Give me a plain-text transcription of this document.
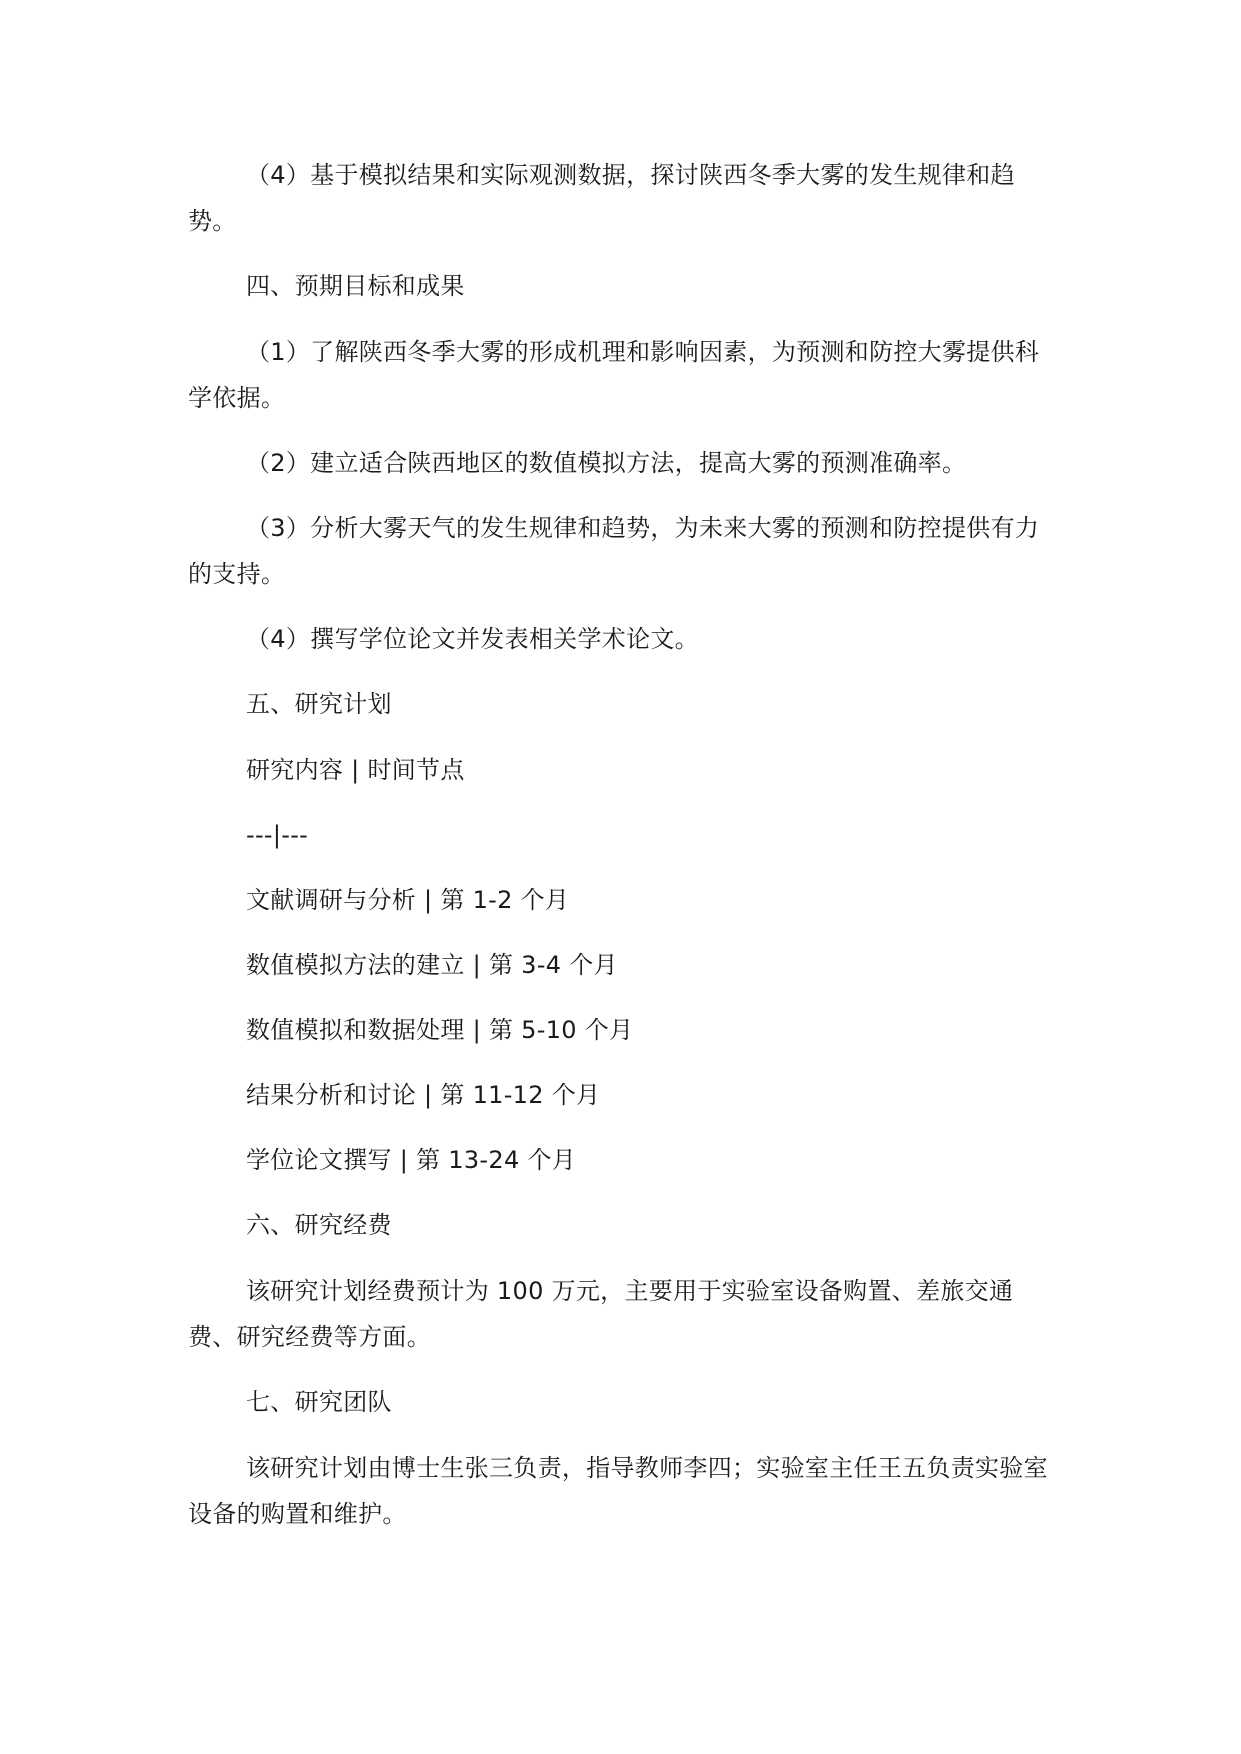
（4）基于模拟结果和实际观测数据，探讨陕西冬季大雾的发生规律和趋势。

四、预期目标和成果

（1）了解陕西冬季大雾的形成机理和影响因素，为预测和防控大雾提供科学依据。

（2）建立适合陕西地区的数值模拟方法，提高大雾的预测准确率。

（3）分析大雾天气的发生规律和趋势，为未来大雾的预测和防控提供有力的支持。

（4）撰写学位论文并发表相关学术论文。

五、研究计划

研究内容 | 时间节点

---|---

文献调研与分析 | 第 1-2 个月

数值模拟方法的建立 | 第 3-4 个月

数值模拟和数据处理 | 第 5-10 个月

结果分析和讨论 | 第 11-12 个月

学位论文撰写 | 第 13-24 个月

六、研究经费

该研究计划经费预计为 100 万元，主要用于实验室设备购置、差旅交通费、研究经费等方面。

七、研究团队

该研究计划由博士生张三负责，指导教师李四；实验室主任王五负责实验室设备的购置和维护。
